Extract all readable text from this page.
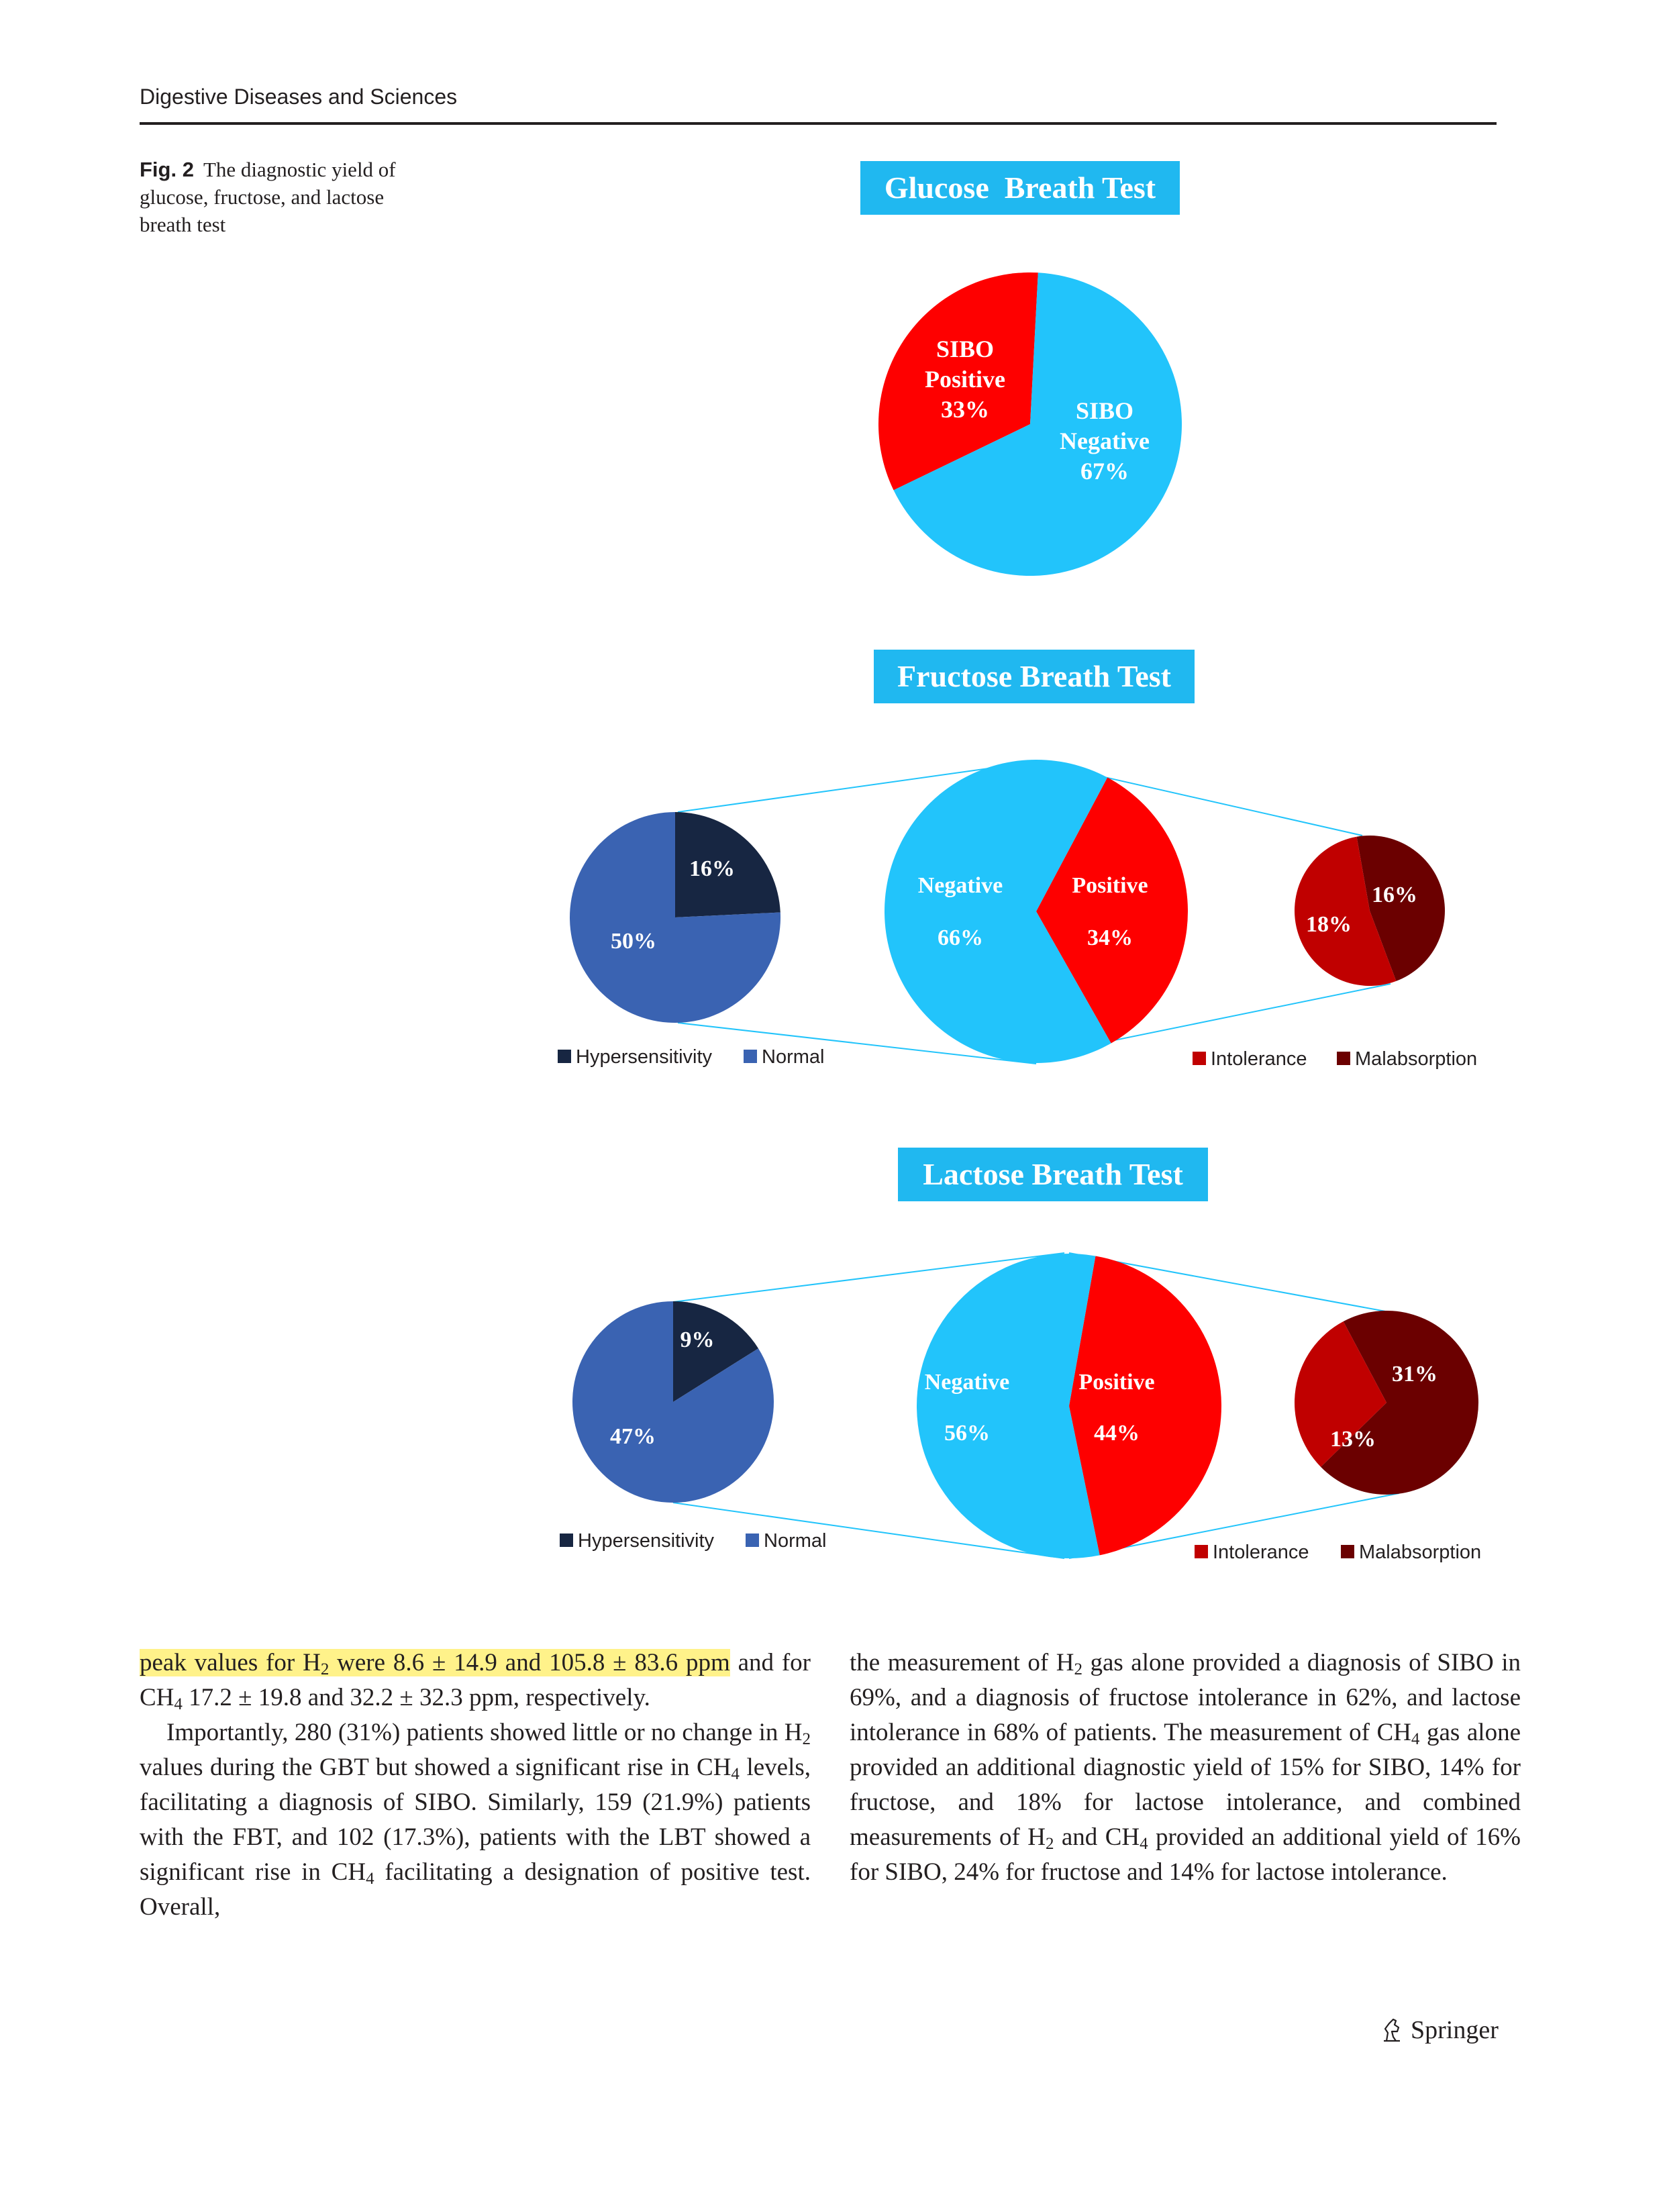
Digestive Diseases and Sciences
Fig. 2 The diagnostic yield of glucose, fructose, and lactose breath test
Glucose  Breath Test
SIBO
Positive
33%	SIBO
Negative
67%
Fructose Breath Test
16%
50%
Negative
66%
Positive
34%
18%
16%
Hypersensitivity	Normal	Intolerance Malabsorption
Lactose Breath Test
9%
47%
Negative
56%
Positive
44%	13%
31%
Hypersensitivity	Normal
Intolerance	Malabsorption

peak values for $H_2$ were 8.6 ± 14.9 and 105.8 ± 83.6 ppm and for $CH_4$ 17.2 ± 19.8 and 32.2 ± 32.3 ppm, respectively.

Importantly, 280 (31%) patients showed little or no change in $H_2$ values during the GBT but showed a significant rise in $CH_4$ levels, facilitating a diagnosis of SIBO. Similarly, 159 (21.9%) patients with the FBT, and 102 (17.3%), patients with the LBT showed a significant rise in $CH_4$ facilitating a designation of positive test. Overall,

the measurement of $H_2$ gas alone provided a diagnosis of SIBO in 69%, and a diagnosis of fructose intolerance in 62%, and lactose intolerance in 68% of patients. The measurement of $CH_4$ gas alone provided an additional diagnostic yield of 15% for SIBO, 14% for fructose, and 18% for lactose intolerance, and combined measurements of $H_2$ and $CH_4$ provided an additional yield of 16% for SIBO, 24% for fructose and 14% for lactose intolerance.

Springer
